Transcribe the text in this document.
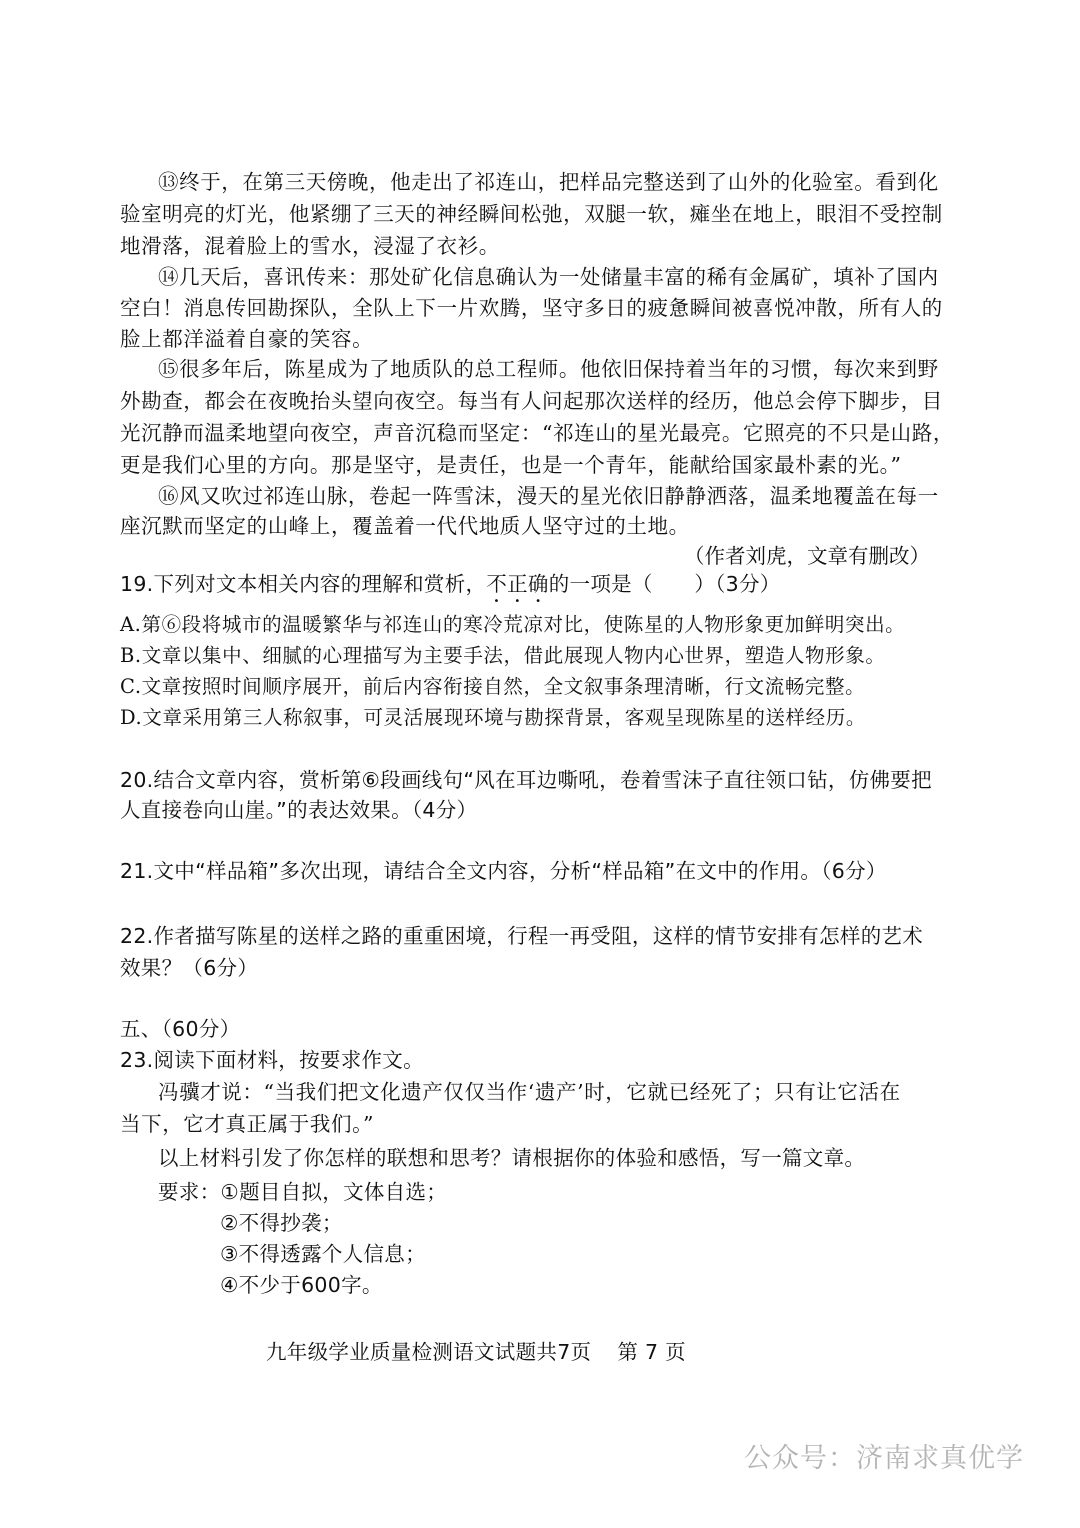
⑬终于，在第三天傍晚，他走出了祁连山，把样品完整送到了山外的化验室。看到化
验室明亮的灯光，他紧绷了三天的神经瞬间松弛，双腿一软，瘫坐在地上，眼泪不受控制
地滑落，混着脸上的雪水，浸湿了衣衫。
⑭几天后，喜讯传来：那处矿化信息确认为一处储量丰富的稀有金属矿，填补了国内
空白！消息传回勘探队，全队上下一片欢腾，坚守多日的疲惫瞬间被喜悦冲散，所有人的
脸上都洋溢着自豪的笑容。
⑮很多年后，陈星成为了地质队的总工程师。他依旧保持着当年的习惯，每次来到野
外勘查，都会在夜晚抬头望向夜空。每当有人问起那次送样的经历，他总会停下脚步，目
光沉静而温柔地望向夜空，声音沉稳而坚定：“祁连山的星光最亮。它照亮的不只是山路，
更是我们心里的方向。那是坚守，是责任，也是一个青年，能献给国家最朴素的光。”
⑯风又吹过祁连山脉，卷起一阵雪沫，漫天的星光依旧静静洒落，温柔地覆盖在每一
座沉默而坚定的山峰上，覆盖着一代代地质人坚守过的土地。
（作者刘虎，文章有删改）
19.下列对文本相关内容的理解和赏析，不正确的一项是（　　）（3分）
A.第⑥段将城市的温暖繁华与祁连山的寒冷荒凉对比，使陈星的人物形象更加鲜明突出。
B.文章以集中、细腻的心理描写为主要手法，借此展现人物内心世界，塑造人物形象。
C.文章按照时间顺序展开，前后内容衔接自然，全文叙事条理清晰，行文流畅完整。
D.文章采用第三人称叙事，可灵活展现环境与勘探背景，客观呈现陈星的送样经历。
20.结合文章内容，赏析第⑥段画线句“风在耳边嘶吼，卷着雪沫子直往领口钻，仿佛要把
人直接卷向山崖。”的表达效果。（4分）
21.文中“样品箱”多次出现，请结合全文内容，分析“样品箱”在文中的作用。（6分）
22.作者描写陈星的送样之路的重重困境，行程一再受阻，这样的情节安排有怎样的艺术
效果？（6分）
五、（60分）
23.阅读下面材料，按要求作文。
冯骥才说：“当我们把文化遗产仅仅当作‘遗产’时，它就已经死了；只有让它活在
当下，它才真正属于我们。”
以上材料引发了你怎样的联想和思考？请根据你的体验和感悟，写一篇文章。
要求：①题目自拟，文体自选；
②不得抄袭；
③不得透露个人信息；
④不少于600字。
九年级学业质量检测语文试题共7页 第 7 页
公众号：济南求真优学
